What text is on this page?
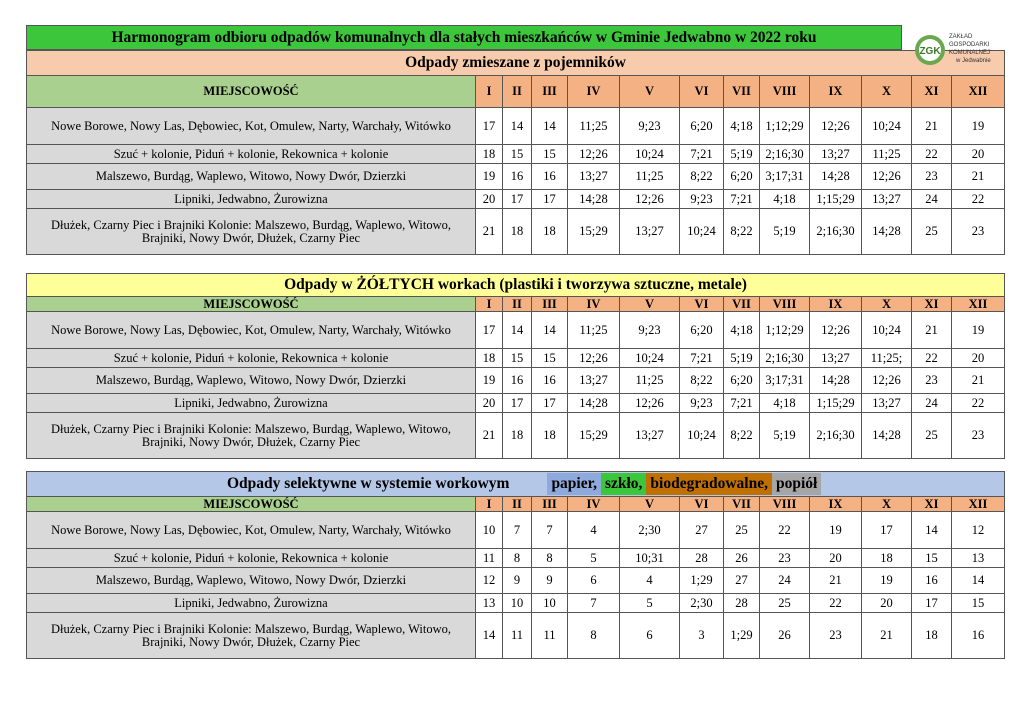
Harmonogram odbioru odpadów komunalnych dla stałych mieszkańców w Gminie Jedwabno w 2022 roku
Odpady zmieszane z pojemników
MIEJSCOWOŚĆ	I	II	III	IV	V	VI	VII	VIII	IX	X	XI	XII
Nowe Borowe, Nowy Las, Dębowiec, Kot, Omulew, Narty, Warchały, Witówko	17	14	14	11;25	9;23	6;20	4;18	1;12;29	12;26	10;24	21	19
Szuć + kolonie, Piduń + kolonie, Rekownica + kolonie	18	15	15	12;26	10;24	7;21	5;19	2;16;30	13;27	11;25	22	20
Malszewo, Burdąg, Waplewo, Witowo, Nowy Dwór, Dzierzki	19	16	16	13;27	11;25	8;22	6;20	3;17;31	14;28	12;26	23	21
Lipniki, Jedwabno, Żurowizna	20	17	17	14;28	12;26	9;23	7;21	4;18	1;15;29	13;27	24	22
Dłużek, Czarny Piec i Brajniki Kolonie: Malszewo, Burdąg, Waplewo, Witowo, Brajniki, Nowy Dwór, Dłużek, Czarny Piec	21	18	18	15;29	13;27	10;24	8;22	5;19	2;16;30	14;28	25	23
Odpady w ŻÓŁTYCH workach (plastiki i tworzywa sztuczne, metale)
MIEJSCOWOŚĆ	I	II	III	IV	V	VI	VII	VIII	IX	X	XI	XII
Nowe Borowe, Nowy Las, Dębowiec, Kot, Omulew, Narty, Warchały, Witówko	17	14	14	11;25	9;23	6;20	4;18	1;12;29	12;26	10;24	21	19
Szuć + kolonie, Piduń + kolonie, Rekownica + kolonie	18	15	15	12;26	10;24	7;21	5;19	2;16;30	13;27	11;25;	22	20
Malszewo, Burdąg, Waplewo, Witowo, Nowy Dwór, Dzierzki	19	16	16	13;27	11;25	8;22	6;20	3;17;31	14;28	12;26	23	21
Lipniki, Jedwabno, Żurowizna	20	17	17	14;28	12;26	9;23	7;21	4;18	1;15;29	13;27	24	22
Dłużek, Czarny Piec i Brajniki Kolonie: Malszewo, Burdąg, Waplewo, Witowo, Brajniki, Nowy Dwór, Dłużek, Czarny Piec	21	18	18	15;29	13;27	10;24	8;22	5;19	2;16;30	14;28	25	23
Odpady selektywne w systemie workowym	papier, szkło, biodegradowalne, popiół
MIEJSCOWOŚĆ	I	II	III	IV	V	VI	VII	VIII	IX	X	XI	XII
Nowe Borowe, Nowy Las, Dębowiec, Kot, Omulew, Narty, Warchały, Witówko	10	7	7	4	2;30	27	25	22	19	17	14	12
Szuć + kolonie, Piduń + kolonie, Rekownica + kolonie	11	8	8	5	10;31	28	26	23	20	18	15	13
Malszewo, Burdąg, Waplewo, Witowo, Nowy Dwór, Dzierzki	12	9	9	6	4	1;29	27	24	21	19	16	14
Lipniki, Jedwabno, Żurowizna	13	10	10	7	5	2;30	28	25	22	20	17	15
Dłużek, Czarny Piec i Brajniki Kolonie: Malszewo, Burdąg, Waplewo, Witowo, Brajniki, Nowy Dwór, Dłużek, Czarny Piec	14	11	11	8	6	3	1;29	26	23	21	18	16
ZGK
ZAKŁAD
GOSPODARKI
KOMUNALNEJ
w Jedwabnie
